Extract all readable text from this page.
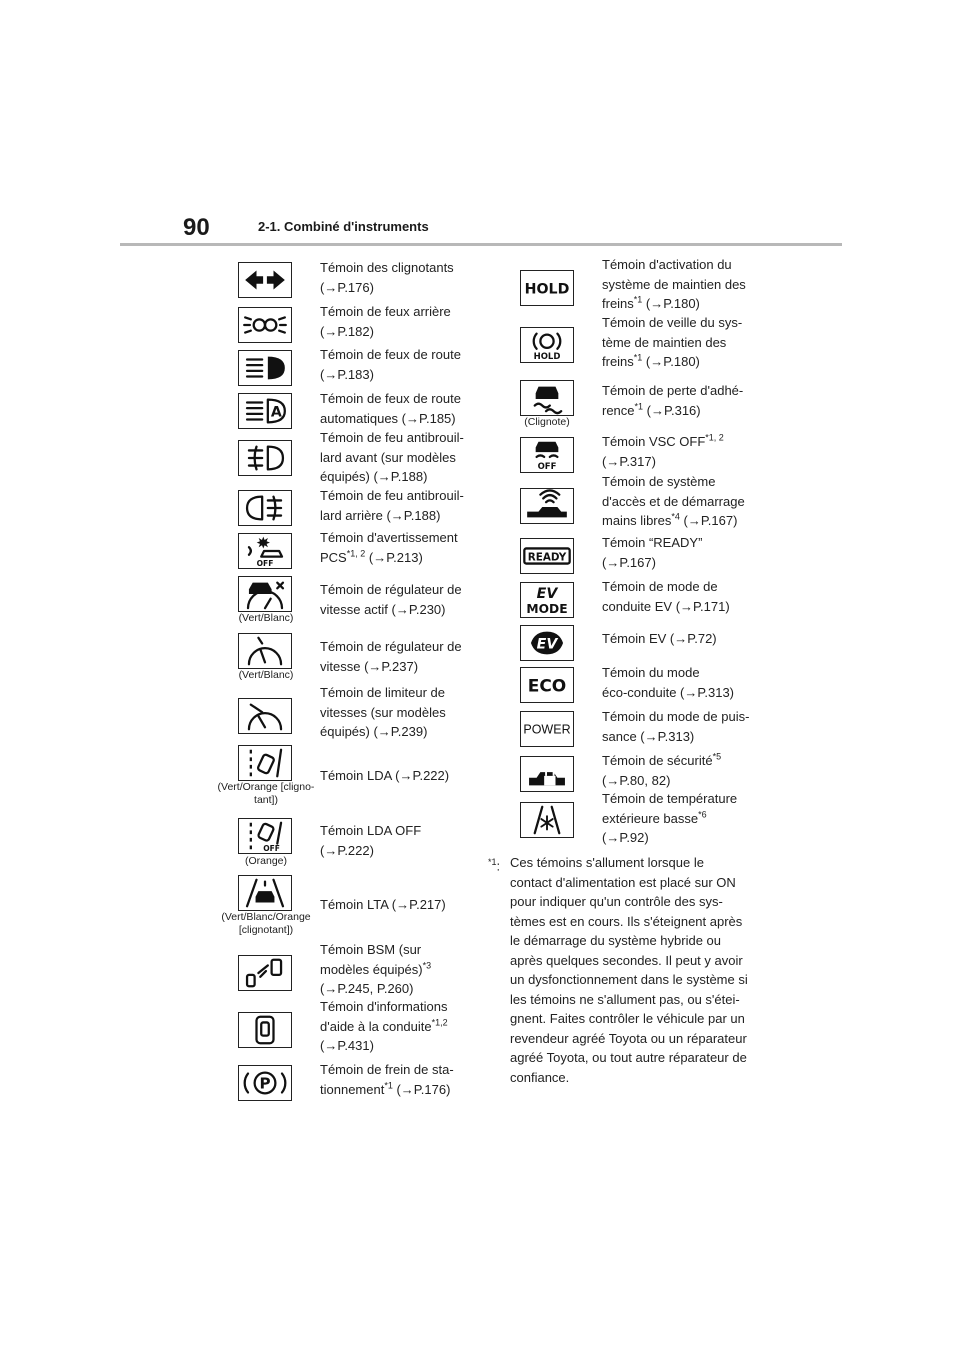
90	2-1. Combiné d'instruments
Témoin des clignotants
(→P.176)
Témoin de feux arrière
(→P.182)
Témoin de feux de route
(→P.183)
A
Témoin de feux de route
automatiques (→P.185)
Témoin de feu antibrouil-
lard avant (sur modèles
équipés) (→P.188)
Témoin de feu antibrouil-
lard arrière (→P.188)
OFF
Témoin d'avertissement
PCS$^{*1, 2}$ (→P.213)
(Vert/Blanc)
Témoin de régulateur de
vitesse actif (→P.230)
(Vert/Blanc)
Témoin de régulateur de
vitesse (→P.237)
Témoin de limiteur de
vitesses (sur modèles
équipés) (→P.239)
(Vert/Orange [cligno-
tant])
Témoin LDA (→P.222)
OFF
(Orange)
Témoin LDA OFF
(→P.222)
(Vert/Blanc/Orange
[clignotant])
Témoin LTA (→P.217)
Témoin BSM (sur
modèles équipés)$^{*3}$
(→P.245, P.260)
Témoin d'informations
d'aide à la conduite$^{*1,2}$
(→P.431)
P
Témoin de frein de sta-
tionnement$^{*1}$ (→P.176)
HOLD
Témoin d'activation du
système de maintien des
freins$^{*1}$ (→P.180)
HOLD
Témoin de veille du sys-
tème de maintien des
freins$^{*1}$ (→P.180)
(Clignote)
Témoin de perte d'adhé-
rence$^{*1}$ (→P.316)
OFF
Témoin VSC OFF$^{*1, 2}$
(→P.317)
Témoin de système
d'accès et de démarrage
mains libres$^{*4}$ (→P.167)
READY
Témoin “READY”
(→P.167)
EV
MODE
Témoin de mode de
conduite EV (→P.171)
EV	Témoin EV (→P.72)
ECO
Témoin du mode
éco-conduite (→P.313)
POWER
Témoin du mode de puis-
sance (→P.313)
Témoin de sécurité$^{*5}$
(→P.80, 82)
Témoin de température
extérieure basse$^{*6}$
(→P.92)
$^{*1}$: Ces témoins s'allument lorsque le
contact d'alimentation est placé sur ON
pour indiquer qu'un contrôle des sys-
tèmes est en cours. Ils s'éteignent après
le démarrage du système hybride ou
après quelques secondes. Il peut y avoir
un dysfonctionnement dans le système si
les témoins ne s'allument pas, ou s'étei-
gnent. Faites contrôler le véhicule par un
revendeur agréé Toyota ou un réparateur
agréé Toyota, ou tout autre réparateur de
confiance.
